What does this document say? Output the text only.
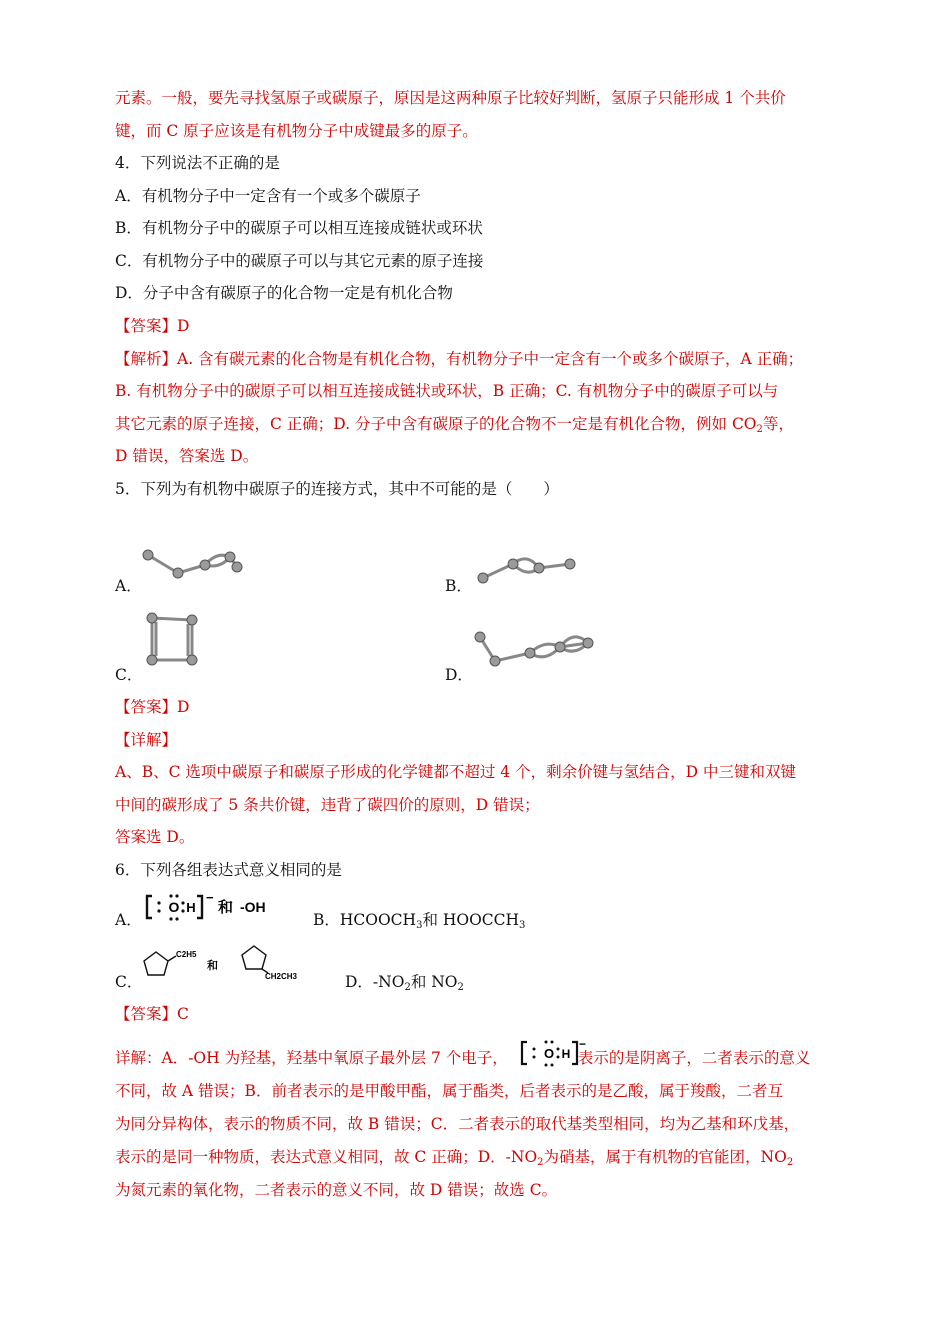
元素。一般，要先寻找氢原子或碳原子，原因是这两种原子比较好判断，氢原子只能形成 1 个共价
键，而 C 原子应该是有机物分子中成键最多的原子。
4．下列说法不正确的是
A．有机物分子中一定含有一个或多个碳原子
B．有机物分子中的碳原子可以相互连接成链状或环状
C．有机物分子中的碳原子可以与其它元素的原子连接
D．分子中含有碳原子的化合物一定是有机化合物
【答案】D
【解析】A. 含有碳元素的化合物是有机化合物，有机物分子中一定含有一个或多个碳原子，A 正确；
B. 有机物分子中的碳原子可以相互连接成链状或环状，B 正确；C. 有机物分子中的碳原子可以与
其它元素的原子连接，C 正确；D. 分子中含有碳原子的化合物不一定是有机化合物，例如 $CO_2$等，
D 错误，答案选 D。
5．下列为有机物中碳原子的连接方式，其中不可能的是（　　）
A．	B．
C．	D．
【答案】D
【详解】
A、B、C 选项中碳原子和碳原子形成的化学键都不超过 4 个，剩余价键与氢结合，D 中三键和双键
中间的碳形成了 5 条共价键，违背了碳四价的原则，D 错误；
答案选 D。
6．下列各组表达式意义相同的是
A．
O H
−
和 -OH
B．$HCOOCH_3$和 $HOOCCH_3$
C．
C2H5
和
CH2CH3	D．$-NO_2$和 $NO_2$
【答案】C
详解：A．-OH 为羟基，羟基中氧原子最外层 7 个电子，	表示的是阴离子，二者表示的意义
O H
−
不同，故 A 错误；B．前者表示的是甲酸甲酯，属于酯类，后者表示的是乙酸，属于羧酸，二者互
为同分异构体，表示的物质不同，故 B 错误；C．二者表示的取代基类型相同，均为乙基和环戊基，
表示的是同一种物质，表达式意义相同，故 C 正确；D．$-NO_2$为硝基，属于有机物的官能团，$NO_2$
为氮元素的氧化物，二者表示的意义不同，故 D 错误；故选 C。
